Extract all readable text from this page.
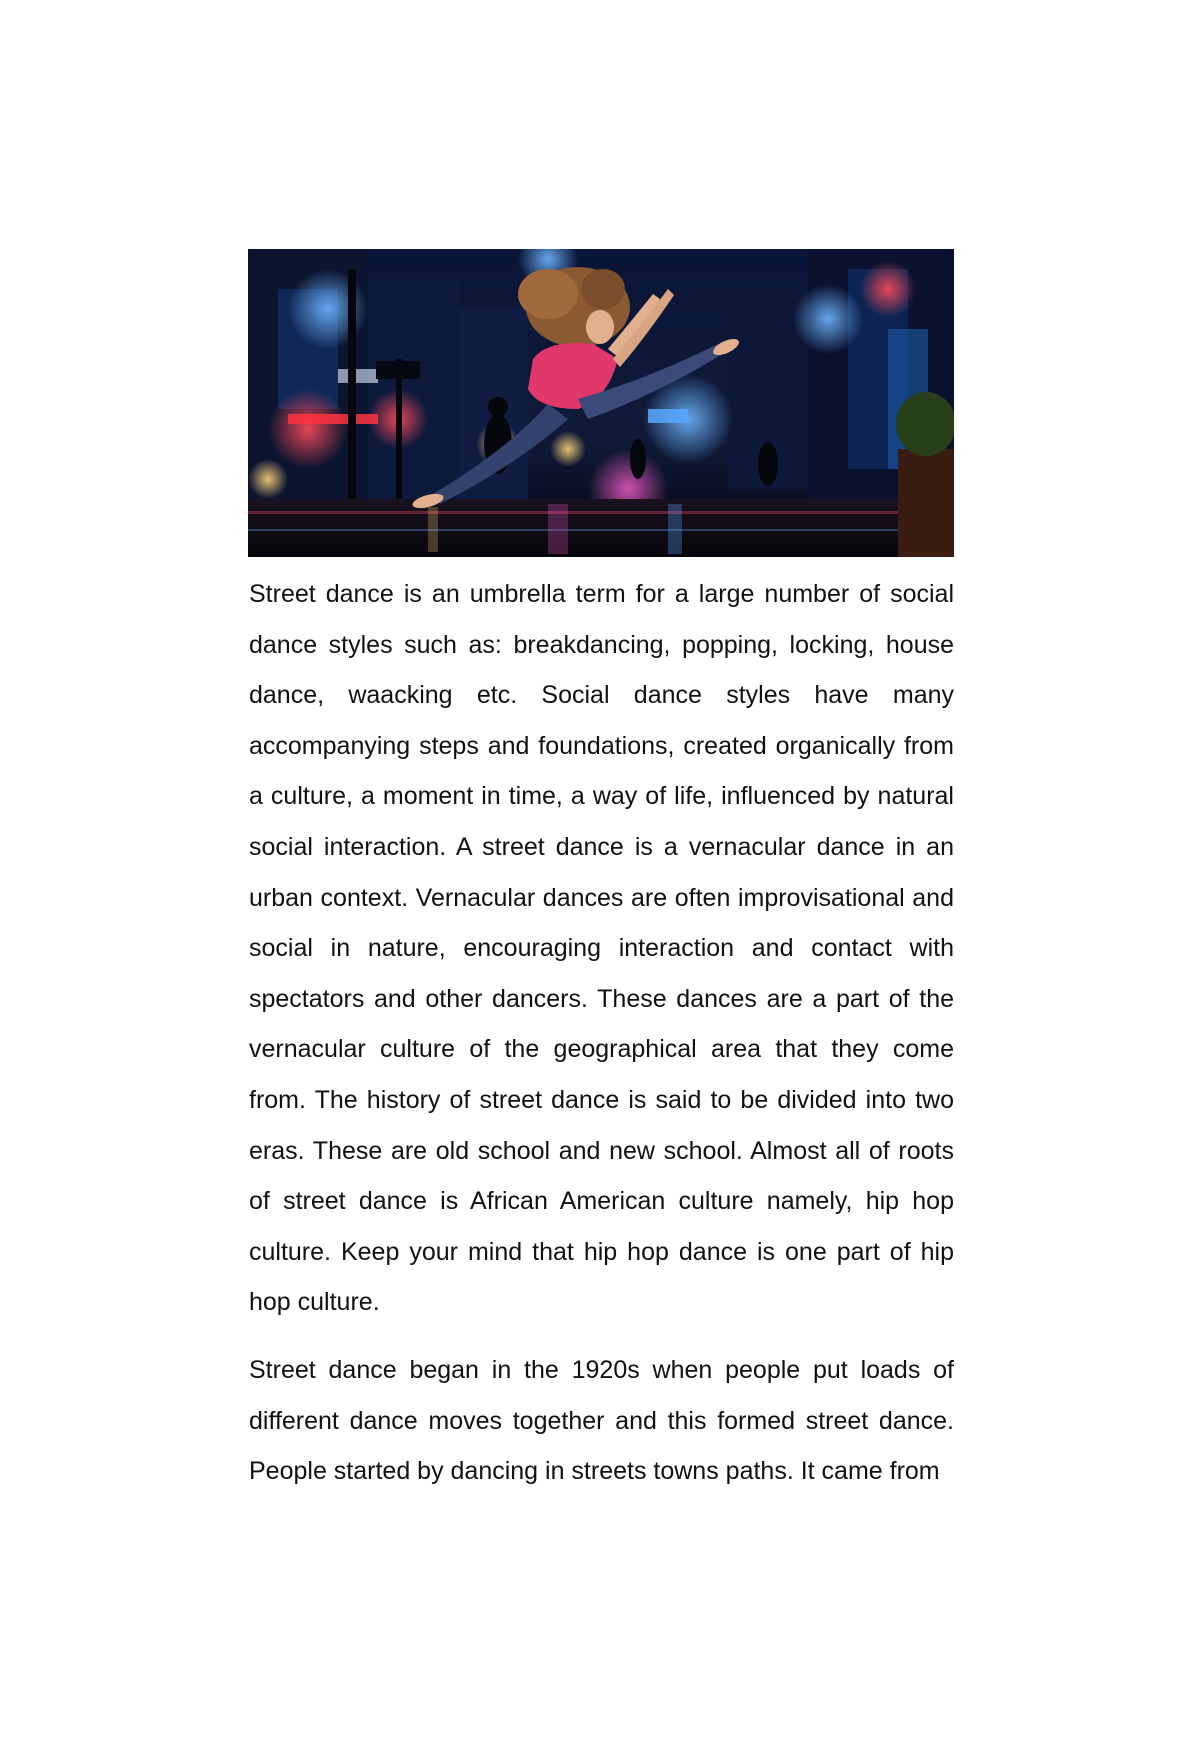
Street dance is an umbrella term for a large number of social dance styles such as: breakdancing, popping, locking, house dance, waacking etc. Social dance styles have many accompanying steps and foundations, created organically from a culture, a moment in time, a way of life, influenced by natural social interaction. A street dance is a vernacular dance in an urban context. Vernacular dances are often improvisational and social in nature, encouraging interaction and contact with spectators and other dancers. These dances are a part of the vernacular culture of the geographical area that they come from. The history of street dance is said to be divided into two eras. These are old school and new school. Almost all of roots of street dance is African American culture namely, hip hop culture. Keep your mind that hip hop dance is one part of hip hop culture.

Street dance began in the 1920s when people put loads of different dance moves together and this formed street dance. People started by dancing in streets towns paths. It came from
